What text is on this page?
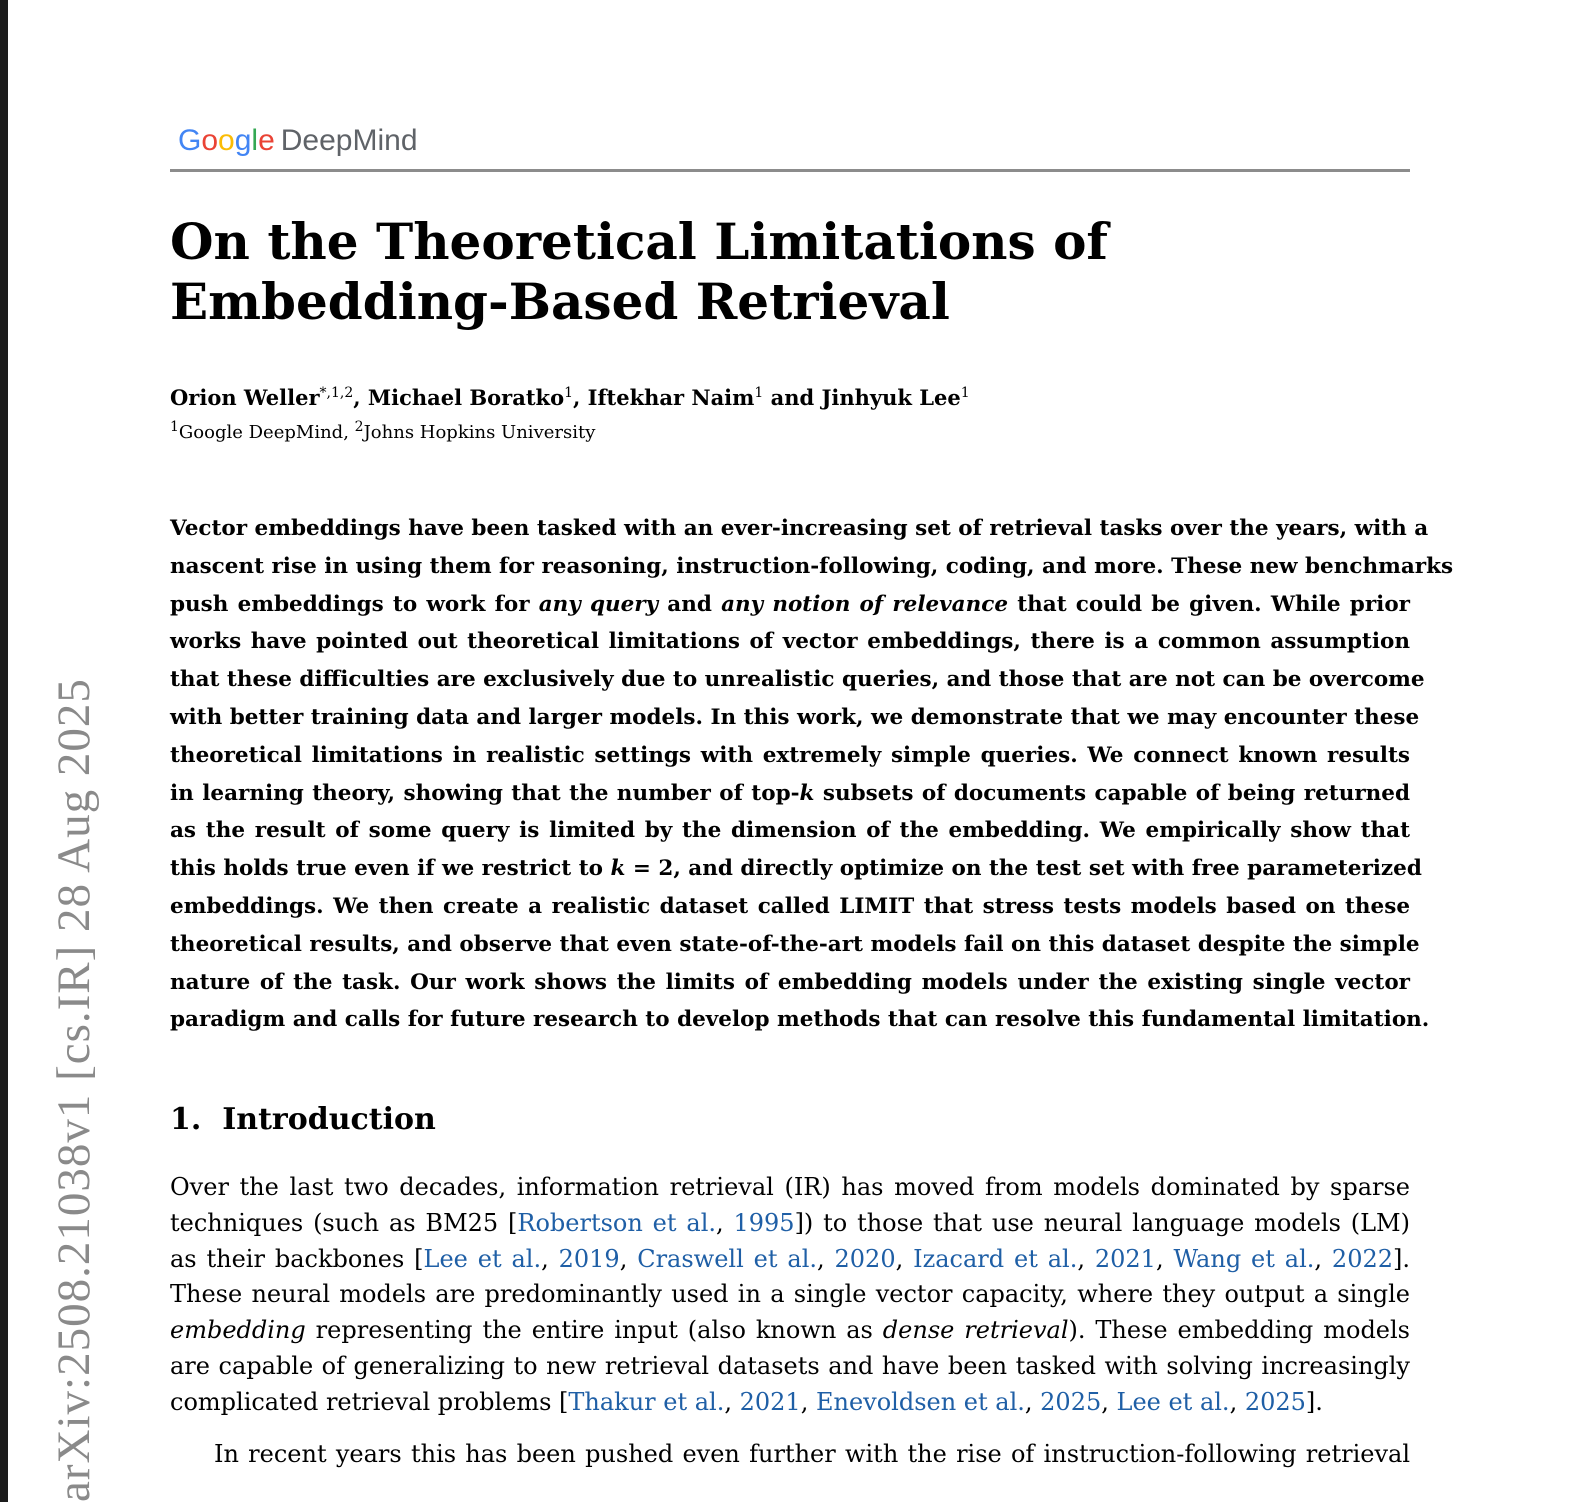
arXiv:2508.21038v1 [cs.IR] 28 Aug 2025
Google DeepMind
On the Theoretical Limitations of
Embedding-Based Retrieval
Orion Weller$^{*,1,2}$, Michael Boratko$^1$, Iftekhar Naim$^1$ and Jinhyuk Lee$^1$
$^1$Google DeepMind, $^2$Johns Hopkins University
Vector embeddings have been tasked with an ever-increasing set of retrieval tasks over the years, with a
nascent rise in using them for reasoning, instruction-following, coding, and more. These new benchmarks
push embeddings to work for any query and any notion of relevance that could be given. While prior
works have pointed out theoretical limitations of vector embeddings, there is a common assumption
that these difficulties are exclusively due to unrealistic queries, and those that are not can be overcome
with better training data and larger models. In this work, we demonstrate that we may encounter these
theoretical limitations in realistic settings with extremely simple queries. We connect known results
in learning theory, showing that the number of top-k subsets of documents capable of being returned
as the result of some query is limited by the dimension of the embedding. We empirically show that
this holds true even if we restrict to k = 2, and directly optimize on the test set with free parameterized
embeddings. We then create a realistic dataset called LIMIT that stress tests models based on these
theoretical results, and observe that even state-of-the-art models fail on this dataset despite the simple
nature of the task. Our work shows the limits of embedding models under the existing single vector
paradigm and calls for future research to develop methods that can resolve this fundamental limitation.
1. Introduction
Over the last two decades, information retrieval (IR) has moved from models dominated by sparse
techniques (such as BM25 [Robertson et al., 1995]) to those that use neural language models (LM)
as their backbones [Lee et al., 2019, Craswell et al., 2020, Izacard et al., 2021, Wang et al., 2022].
These neural models are predominantly used in a single vector capacity, where they output a single
embedding representing the entire input (also known as dense retrieval). These embedding models
are capable of generalizing to new retrieval datasets and have been tasked with solving increasingly
complicated retrieval problems [Thakur et al., 2021, Enevoldsen et al., 2025, Lee et al., 2025].
In recent years this has been pushed even further with the rise of instruction-following retrieval
